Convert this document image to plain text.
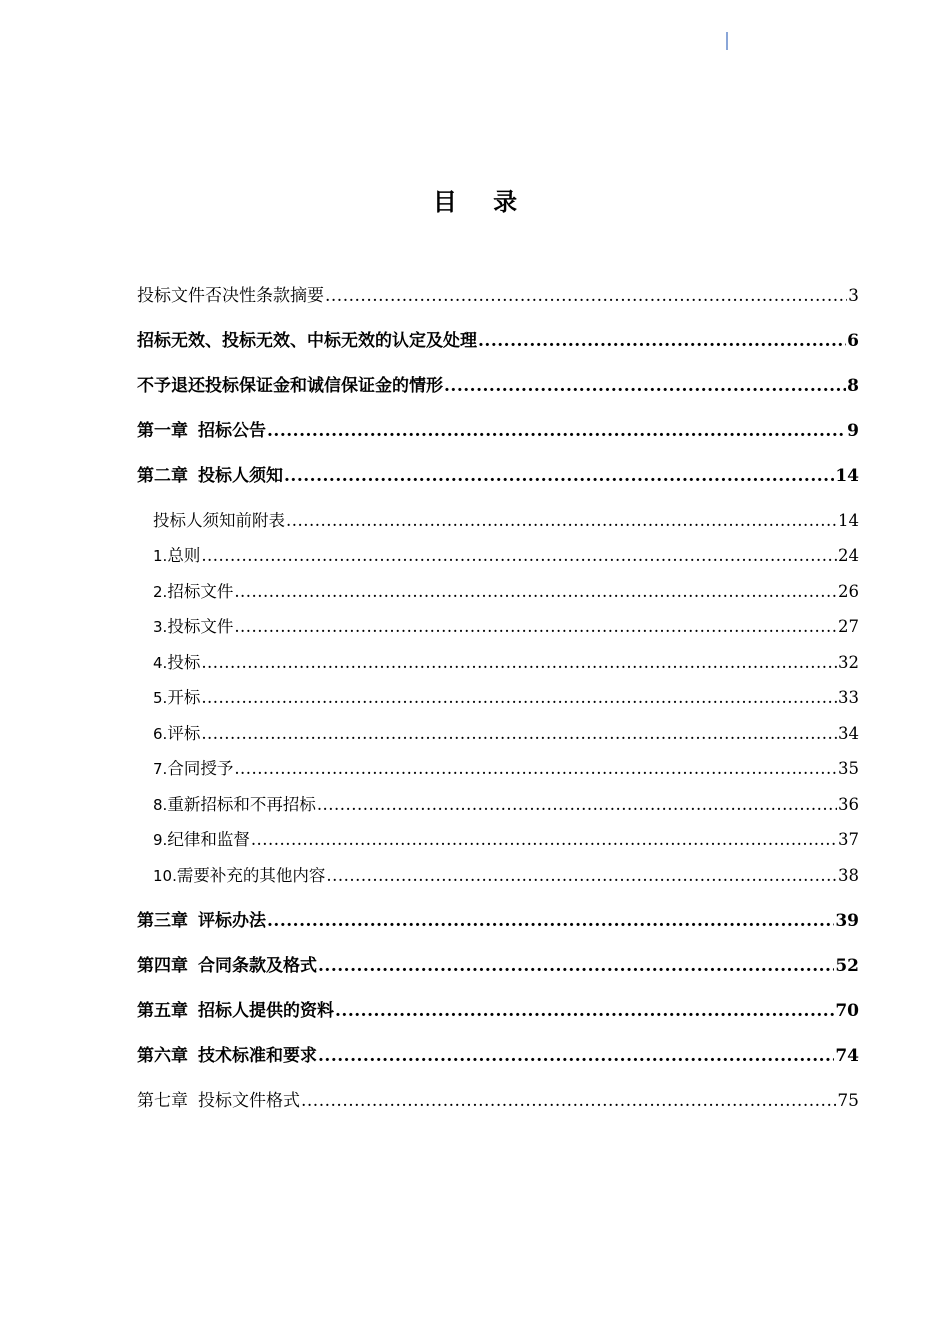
目 录
投标文件否决性条款摘要 .....	3
招标无效、投标无效、中标无效的认定及处理 .....	6
不予退还投标保证金和诚信保证金的情形 .....	8
第一章 招标公告 .....	9
第二章 投标人须知 .....	14
投标人须知前附表 .....	14
1. 总则 .....	24
2. 招标文件 .....	26
3. 投标文件 .....	27
4. 投标 .....	32
5. 开标 .....	33
6. 评标 .....	34
7. 合同授予 .....	35
8. 重新招标和不再招标 .....	36
9. 纪律和监督 .....	37
10. 需要补充的其他内容 .....	38
第三章 评标办法 .....	39
第四章 合同条款及格式 .....	52
第五章 招标人提供的资料 .....	70
第六章 技术标准和要求 .....	74
第七章 投标文件格式 .....	75
